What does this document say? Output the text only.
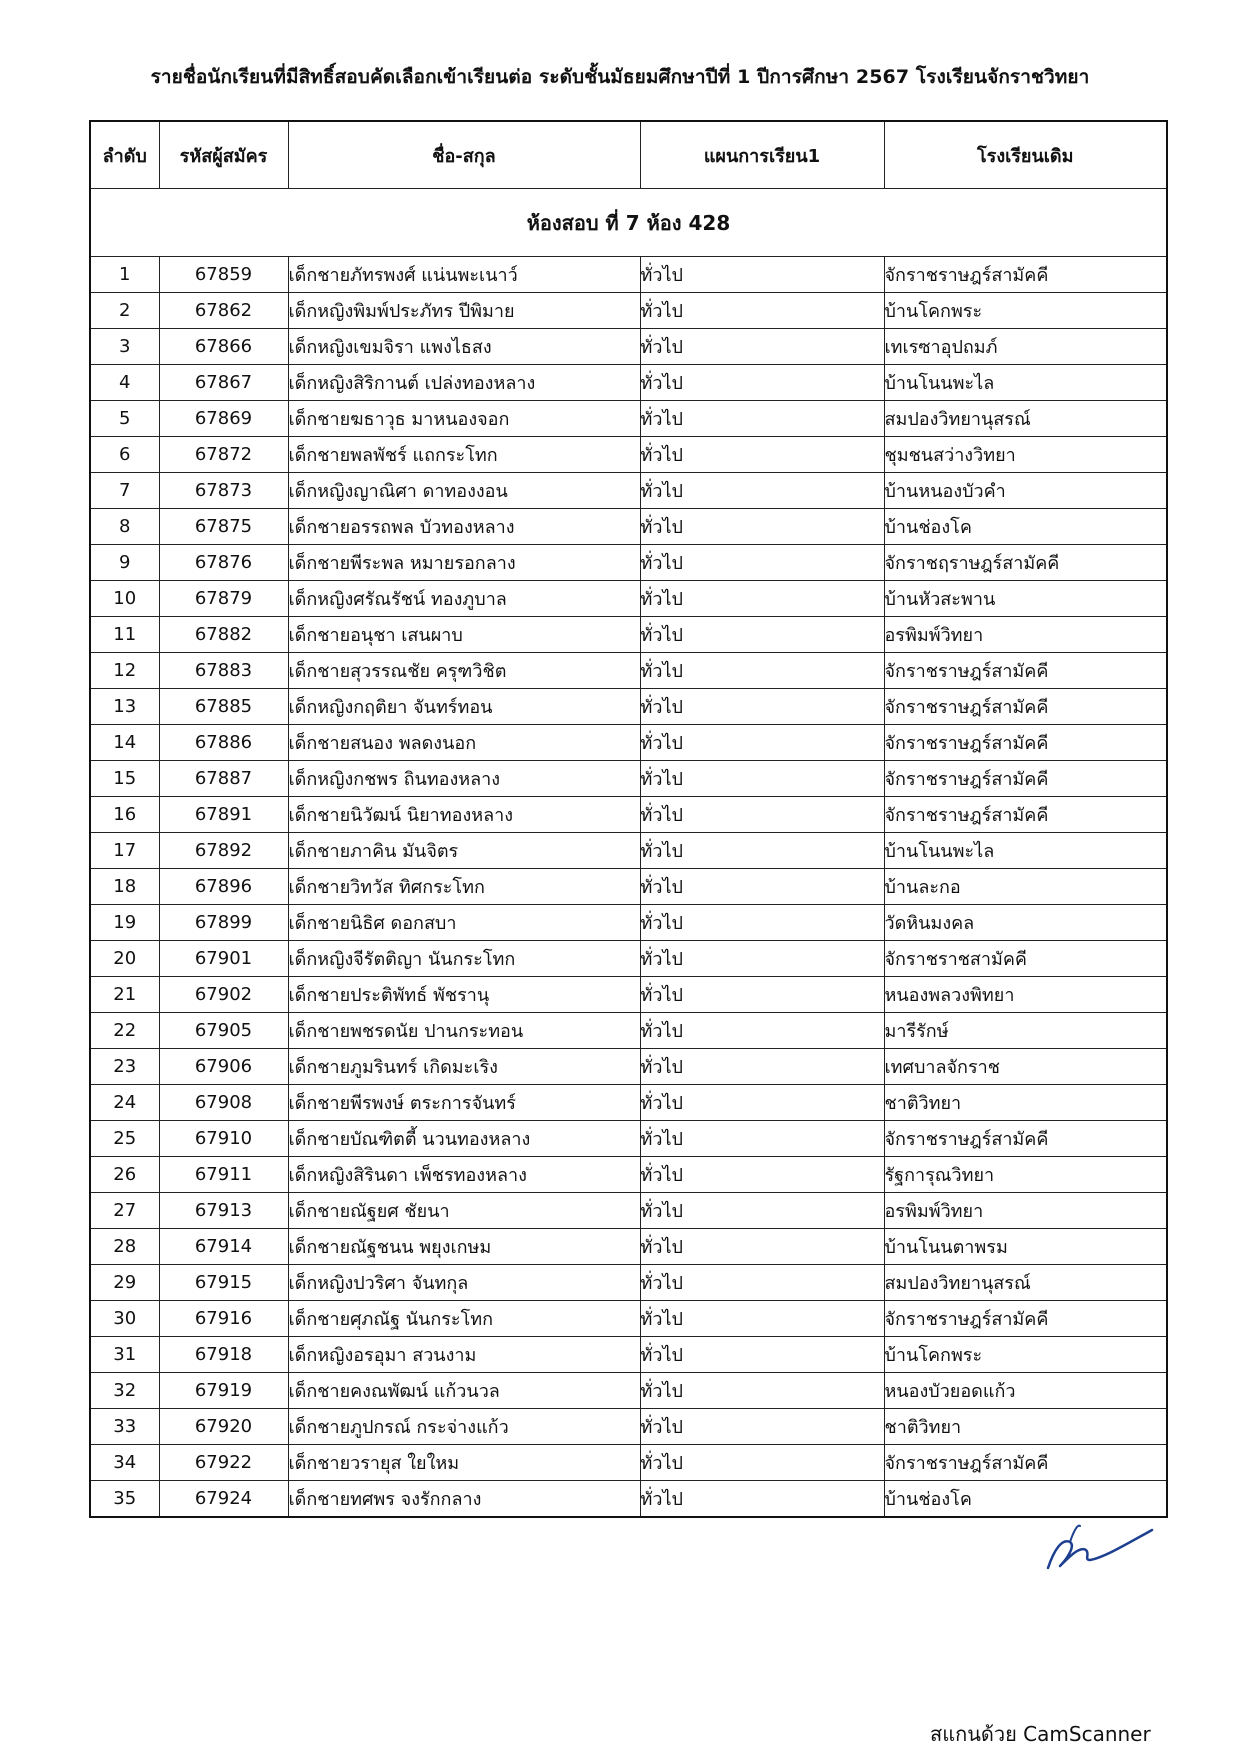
รายชื่อนักเรียนที่มีสิทธิ์สอบคัดเลือกเข้าเรียนต่อ ระดับชั้นมัธยมศึกษาปีที่ 1 ปีการศึกษา 2567 โรงเรียนจักราชวิทยา
ลำดับ	รหัสผู้สมัคร	ชื่อ-สกุล	แผนการเรียน1	โรงเรียนเดิม
ห้องสอบ ที่ 7 ห้อง 428				
1	67859	เด็กชายภัทรพงศ์ แน่นพะเนาว์	ทั่วไป	จักราชราษฎร์สามัคคี
2	67862	เด็กหญิงพิมพ์ประภัทร ปีพิมาย	ทั่วไป	บ้านโคกพระ
3	67866	เด็กหญิงเขมจิรา แพงไธสง	ทั่วไป	เทเรซาอุปถมภ์
4	67867	เด็กหญิงสิริกานต์ เปล่งทองหลาง	ทั่วไป	บ้านโนนพะไล
5	67869	เด็กชายฆธาวุธ มาหนองจอก	ทั่วไป	สมปองวิทยานุสรณ์
6	67872	เด็กชายพลพัชร์ แถกระโทก	ทั่วไป	ชุมชนสว่างวิทยา
7	67873	เด็กหญิงญาณิศา ดาทองงอน	ทั่วไป	บ้านหนองบัวคำ
8	67875	เด็กชายอรรถพล บัวทองหลาง	ทั่วไป	บ้านช่องโค
9	67876	เด็กชายพีระพล หมายรอกลาง	ทั่วไป	จักราชฤราษฎร์สามัคคี
10	67879	เด็กหญิงศรัณรัชน์ ทองภูบาล	ทั่วไป	บ้านหัวสะพาน
11	67882	เด็กชายอนุชา เสนผาบ	ทั่วไป	อรพิมพ์วิทยา
12	67883	เด็กชายสุวรรณชัย ครุฑวิชิต	ทั่วไป	จักราชราษฎร์สามัคคี
13	67885	เด็กหญิงกฤติยา จันทร์ทอน	ทั่วไป	จักราชราษฎร์สามัคคี
14	67886	เด็กชายสนอง พลดงนอก	ทั่วไป	จักราชราษฎร์สามัคคี
15	67887	เด็กหญิงกชพร ถินทองหลาง	ทั่วไป	จักราชราษฎร์สามัคคี
16	67891	เด็กชายนิวัฒน์ นิยาทองหลาง	ทั่วไป	จักราชราษฎร์สามัคคี
17	67892	เด็กชายภาคิน มันจิตร	ทั่วไป	บ้านโนนพะไล
18	67896	เด็กชายวิทวัส ทิศกระโทก	ทั่วไป	บ้านละกอ
19	67899	เด็กชายนิธิศ ดอกสบา	ทั่วไป	วัดหินมงคล
20	67901	เด็กหญิงจีรัตติญา นันกระโทก	ทั่วไป	จักราชราชสามัคคี
21	67902	เด็กชายประติพัทธ์ พัชรานุ	ทั่วไป	หนองพลวงพิทยา
22	67905	เด็กชายพชรดนัย ปานกระทอน	ทั่วไป	มารีรักษ์
23	67906	เด็กชายภูมรินทร์ เกิดมะเริง	ทั่วไป	เทศบาลจักราช
24	67908	เด็กชายพีรพงษ์ ตระการจันทร์	ทั่วไป	ชาติวิทยา
25	67910	เด็กชายบัณฑิตตี้ นวนทองหลาง	ทั่วไป	จักราชราษฎร์สามัคคี
26	67911	เด็กหญิงสิรินดา เพ็ชรทองหลาง	ทั่วไป	รัฐการุณวิทยา
27	67913	เด็กชายณัฐยศ ชัยนา	ทั่วไป	อรพิมพ์วิทยา
28	67914	เด็กชายณัฐชนน พยุงเกษม	ทั่วไป	บ้านโนนตาพรม
29	67915	เด็กหญิงปวริศา จันทกุล	ทั่วไป	สมปองวิทยานุสรณ์
30	67916	เด็กชายศุภณัฐ นันกระโทก	ทั่วไป	จักราชราษฎร์สามัคคี
31	67918	เด็กหญิงอรอุมา สวนงาม	ทั่วไป	บ้านโคกพระ
32	67919	เด็กชายคงณพัฒน์ แก้วนวล	ทั่วไป	หนองบัวยอดแก้ว
33	67920	เด็กชายภูปกรณ์ กระจ่างแก้ว	ทั่วไป	ชาติวิทยา
34	67922	เด็กชายวรายุส ใยใหม	ทั่วไป	จักราชราษฎร์สามัคคี
35	67924	เด็กชายทศพร จงรักกลาง	ทั่วไป	บ้านช่องโค
สแกนด้วย CamScanner
